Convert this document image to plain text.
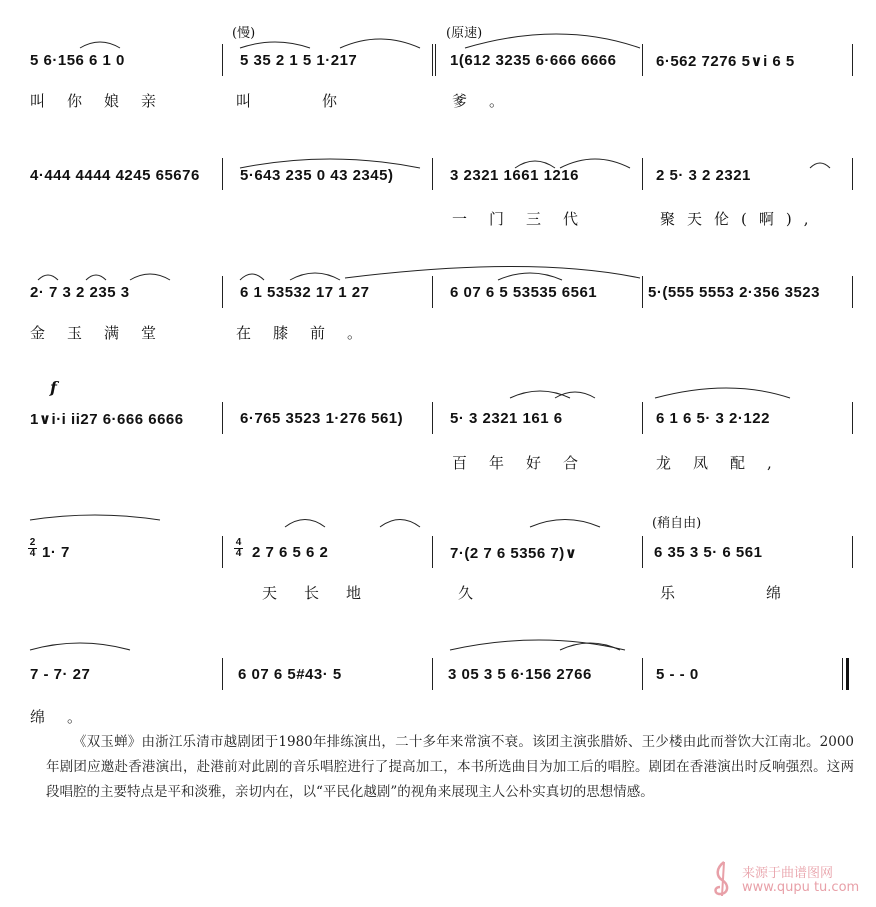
(慢)	(原速)
5 6·156 6 1 0	5 35 2 1 5 1·217	1(612 3235 6·666 6666	6·562 7276 5∨i 6 5
叫你娘亲	叫	你	爹。
4·444 4444 4245 65676	5·643 235 0 43 2345)	3 2321 1661 1216	2 5· 3 2 2321
一门三代	聚天伦(啊),
2· 7 3 2 235 3	6 1 53532 17 1 27	6 07 6 5 53535 6561	5·(555 5553 2·356 3523
金玉满堂	在膝前。
f
1∨i·i ii27 6·666 6666	6·765 3523 1·276 561)	5· 3 2321 161 6	6 1 6 5· 3 2·122
百年好合	龙凤配,
(稍自由)
2
4
4
4
1· 7	2 7 6 5 6 2	7·(2 7 6 5356 7)∨	6 35 3 5· 6 561
天长地	久	乐	绵
7 - 7· 27	6 07 6 5#43· 5	3 05 3 5 6·156 2766	5 - - 0
绵。
《双玉蝉》由浙江乐清市越剧团于1980年排练演出，二十多年来常演不衰。该团主演张腊娇、王少楼由此而誉饮大江南北。2000年剧团应邀赴香港演出，赴港前对此剧的音乐唱腔进行了提高加工，本书所选曲目为加工后的唱腔。剧团在香港演出时反响强烈。这两段唱腔的主要特点是平和淡雅，亲切内在，以“平民化越剧”的视角来展现主人公朴实真切的思想情感。
来源于曲谱图网
www.qupu tu.com
